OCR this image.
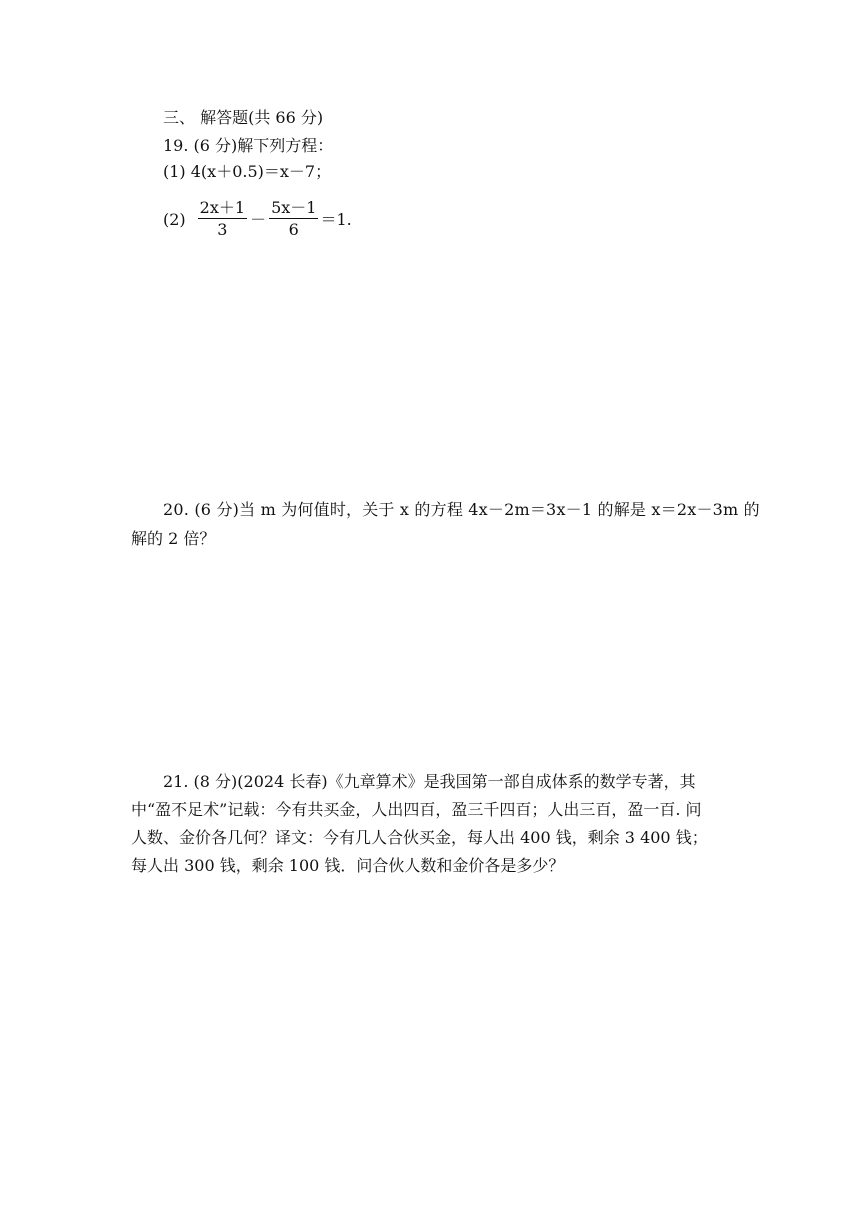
三、 解答题(共 66 分)
19. (6 分)解下列方程：
(1) 4(x＋0.5)＝x－7；
$(2) \frac{2x+1}{3} - \frac{5x-1}{6} =1$.
20. (6 分)当 m 为何值时，关于 x 的方程 4x－2m＝3x－1 的解是 x＝2x－3m 的
解的 2 倍？
21. (8 分)(2024 长春)《九章算术》是我国第一部自成体系的数学专著，其
中“盈不足术”记载：今有共买金，人出四百，盈三千四百；人出三百，盈一百. 问
人数、金价各几何？译文：今有几人合伙买金，每人出 400 钱，剩余 3 400 钱；
每人出 300 钱，剩余 100 钱．问合伙人数和金价各是多少？
